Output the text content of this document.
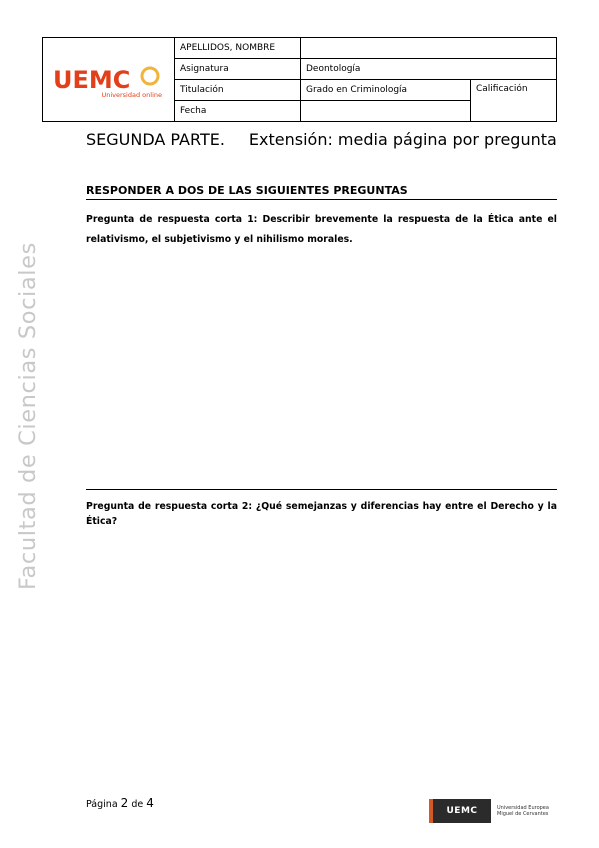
Facultad de Ciencias Sociales
UEMC
Universidad online	APELLIDOS, NOMBRE		
	Asignatura	Deontología	
	Titulación	Grado en Criminología	Calificación
	Fecha		
SEGUNDA PARTE. Extensión: media página por pregunta
RESPONDER A DOS DE LAS SIGUIENTES PREGUNTAS
Pregunta de respuesta corta 1: Describir brevemente la respuesta de la Ética ante el relativismo, el subjetivismo y el nihilismo morales.
Pregunta de respuesta corta 2: ¿Qué semejanzas y diferencias hay entre el Derecho y la Ética?
Página 2 de 4
UEMC	Universidad Europea
Miguel de Cervantes
